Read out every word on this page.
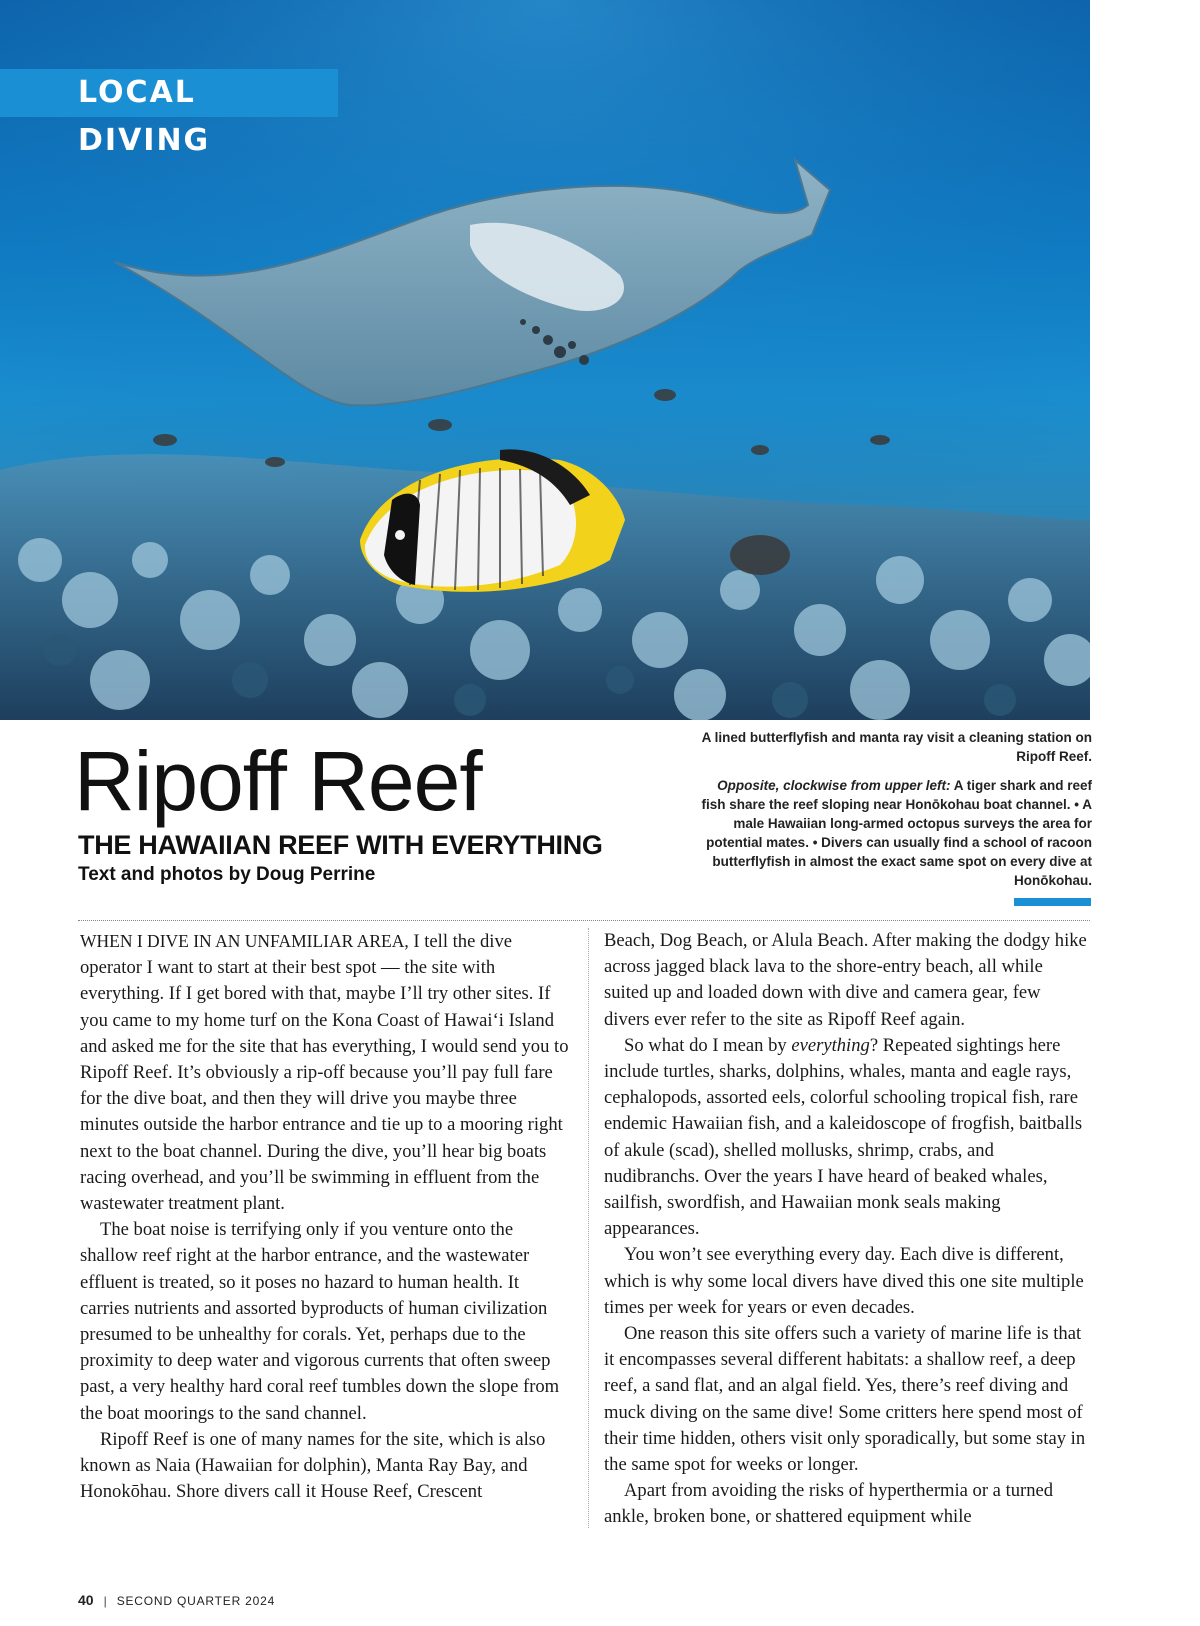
LOCAL DIVING
Ripoff Reef
THE HAWAIIAN REEF WITH EVERYTHING
Text and photos by Doug Perrine

A lined butterflyfish and manta ray visit a cleaning station on Ripoff Reef.

Opposite, clockwise from upper left: A tiger shark and reef fish share the reef sloping near Honōkohau boat channel. • A male Hawaiian long-armed octopus surveys the area for potential mates. • Divers can usually find a school of racoon butterflyfish in almost the exact same spot on every dive at Honōkohau.

WHEN I DIVE IN AN UNFAMILIAR AREA, I tell the dive operator I want to start at their best spot — the site with everything. If I get bored with that, maybe I’ll try other sites. If you came to my home turf on the Kona Coast of Hawai‘i Island and asked me for the site that has everything, I would send you to Ripoff Reef. It’s obviously a rip-off because you’ll pay full fare for the dive boat, and then they will drive you maybe three minutes outside the harbor entrance and tie up to a mooring right next to the boat channel. During the dive, you’ll hear big boats racing overhead, and you’ll be swimming in effluent from the wastewater treatment plant.

The boat noise is terrifying only if you venture onto the shallow reef right at the harbor entrance, and the wastewater effluent is treated, so it poses no hazard to human health. It carries nutrients and assorted byproducts of human civilization presumed to be unhealthy for corals. Yet, perhaps due to the proximity to deep water and vigorous currents that often sweep past, a very healthy hard coral reef tumbles down the slope from the boat moorings to the sand channel.

Ripoff Reef is one of many names for the site, which is also known as Naia (Hawaiian for dolphin), Manta Ray Bay, and Honokōhau. Shore divers call it House Reef, Crescent

Beach, Dog Beach, or Alula Beach. After making the dodgy hike across jagged black lava to the shore-entry beach, all while suited up and loaded down with dive and camera gear, few divers ever refer to the site as Ripoff Reef again.

So what do I mean by everything? Repeated sightings here include turtles, sharks, dolphins, whales, manta and eagle rays, cephalopods, assorted eels, colorful schooling tropical fish, rare endemic Hawaiian fish, and a kaleidoscope of frogfish, baitballs of akule (scad), shelled mollusks, shrimp, crabs, and nudibranchs. Over the years I have heard of beaked whales, sailfish, swordfish, and Hawaiian monk seals making appearances.

You won’t see everything every day. Each dive is different, which is why some local divers have dived this one site multiple times per week for years or even decades.

One reason this site offers such a variety of marine life is that it encompasses several different habitats: a shallow reef, a deep reef, a sand flat, and an algal field. Yes, there’s reef diving and muck diving on the same dive! Some critters here spend most of their time hidden, others visit only sporadically, but some stay in the same spot for weeks or longer.

Apart from avoiding the risks of hyperthermia or a turned ankle, broken bone, or shattered equipment while

40 | SECOND QUARTER 2024
